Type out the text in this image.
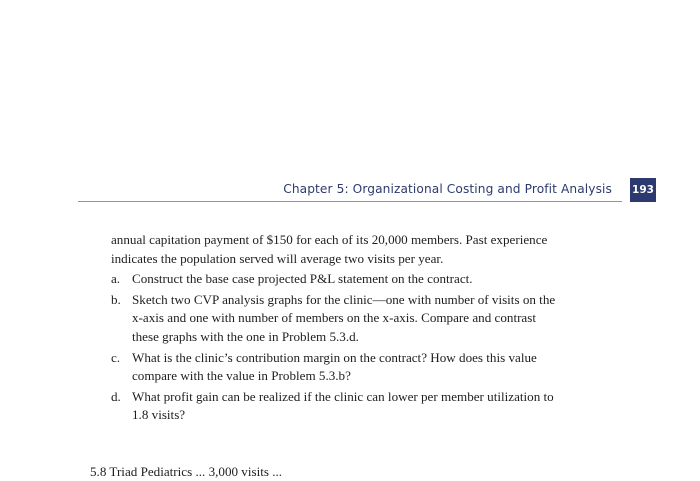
Chapter 5: Organizational Costing and Profit Analysis 193

annual capitation payment of $150 for each of its 20,000 members. Past experience indicates the population served will average two visits per year.

a. Construct the base case projected P&L statement on the contract.
b. Sketch two CVP analysis graphs for the clinic—one with number of visits on the x-axis and one with number of members on the x-axis. Compare and contrast these graphs with the one in Problem 5.3.d.
c. What is the clinic’s contribution margin on the contract? How does this value compare with the value in Problem 5.3.b?
d. What profit gain can be realized if the clinic can lower per member utilization to 1.8 visits?
5.8 Triad Pediatrics ... 3,000 visits ...
